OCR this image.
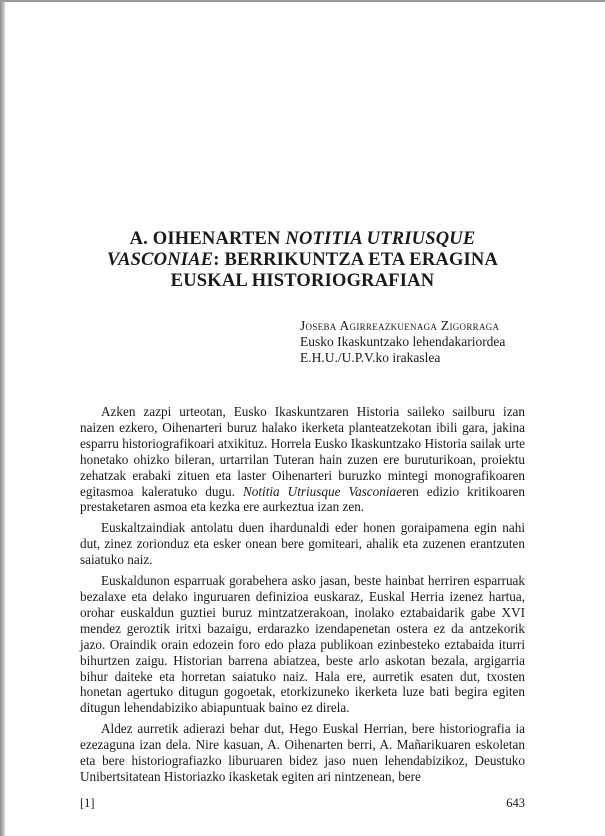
A. OIHENARTEN NOTITIA UTRIUSQUE
VASCONIAE: BERRIKUNTZA ETA ERAGINA
EUSKAL HISTORIOGRAFIAN
Joseba Agirreazkuenaga Zigorraga
Eusko Ikaskuntzako lehendakariordea
E.H.U./U.P.V.ko irakaslea

Azken zazpi urteotan, Eusko Ikaskuntzaren Historia saileko sailburu izan naizen ezkero, Oihenarteri buruz halako ikerketa planteatzekotan ibili gara, jakina esparru historiografikoari atxikituz. Horrela Eusko Ikaskuntzako Historia sailak urte honetako ohizko bileran, urtarrilan Tuteran hain zuzen ere buruturikoan, proiektu zehatzak erabaki zituen eta laster Oihenarteri buruzko mintegi monografikoaren egitasmoa kaleratuko dugu. Notitia Utriusque Vasconiaeren edizio kritikoaren prestaketaren asmoa eta kezka ere aurkeztua izan zen.

Euskaltzaindiak antolatu duen ihardunaldi eder honen goraipamena egin nahi dut, zinez zorionduz eta esker onean bere gomiteari, ahalik eta zuzenen erantzuten saiatuko naiz.

Euskaldunon esparruak gorabehera asko jasan, beste hainbat herriren esparruak bezalaxe eta delako inguruaren definizioa euskaraz, Euskal Herria izenez hartua, orohar euskaldun guztiei buruz mintzatzerakoan, inolako eztabaidarik gabe XVI mendez geroztik iritxi bazaigu, erdarazko izendapenetan ostera ez da antzekorik jazo. Oraindik orain edozein foro edo plaza publikoan ezinbesteko eztabaida iturri bihurtzen zaigu. Historian barrena abiatzea, beste arlo askotan bezala, argigarria bihur daiteke eta horretan saiatuko naiz. Hala ere, aurretik esaten dut, txosten honetan agertuko ditugun gogoetak, etorkizuneko ikerketa luze bati begira egiten ditugun lehendabiziko abiapuntuak baino ez direla.

Aldez aurretik adierazi behar dut, Hego Euskal Herrian, bere historiografia ia ezezaguna izan dela. Nire kasuan, A. Oihenarten berri, A. Mañarikuaren eskoletan eta bere historiografiazko liburuaren bidez jaso nuen lehendabizikoz, Deustuko Unibertsitatean Historiazko ikasketak egiten ari nintzenean, bere

[1]	643
